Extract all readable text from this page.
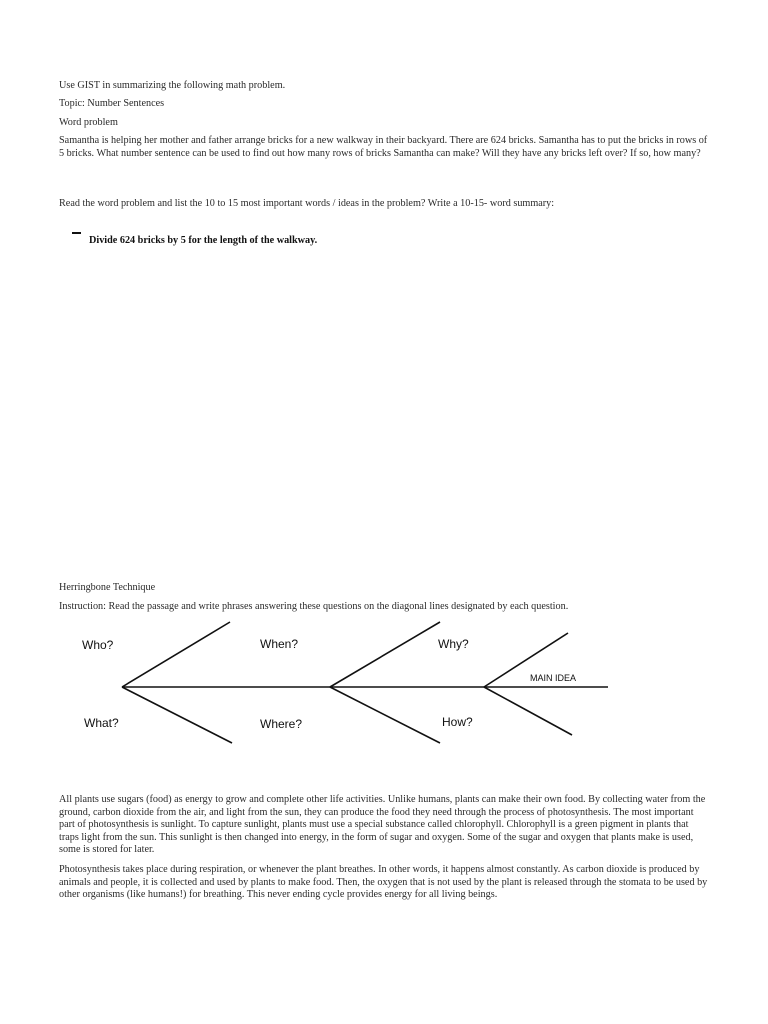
Use GIST in summarizing the following math problem.

Topic: Number Sentences

Word problem

Samantha is helping her mother and father arrange bricks for a new walkway in their backyard. There are 624 bricks. Samantha has to put the bricks in rows of 5 bricks. What number sentence can be used to find out how many rows of bricks Samantha can make? Will they have any bricks left over? If so, how many?

Read the word problem and list the 10 to 15 most important words / ideas in the problem? Write a 10-15- word summary:

Divide 624 bricks by 5 for the length of the walkway.

Herringbone Technique

Instruction: Read the passage and write phrases answering these questions on the diagonal lines designated by each question.

Who?	When?	Why?
MAIN IDEA
What?	Where?	How?

All plants use sugars (food) as energy to grow and complete other life activities. Unlike humans, plants can make their own food. By collecting water from the ground, carbon dioxide from the air, and light from the sun, they can produce the food they need through the process of photosynthesis. The most important part of photosynthesis is sunlight. To capture sunlight, plants must use a special substance called chlorophyll. Chlorophyll is a green pigment in plants that traps light from the sun. This sunlight is then changed into energy, in the form of sugar and oxygen. Some of the sugar and oxygen that plants make is used, some is stored for later.

Photosynthesis takes place during respiration, or whenever the plant breathes. In other words, it happens almost constantly. As carbon dioxide is produced by animals and people, it is collected and used by plants to make food. Then, the oxygen that is not used by the plant is released through the stomata to be used by other organisms (like humans!) for breathing. This never ending cycle provides energy for all living beings.
